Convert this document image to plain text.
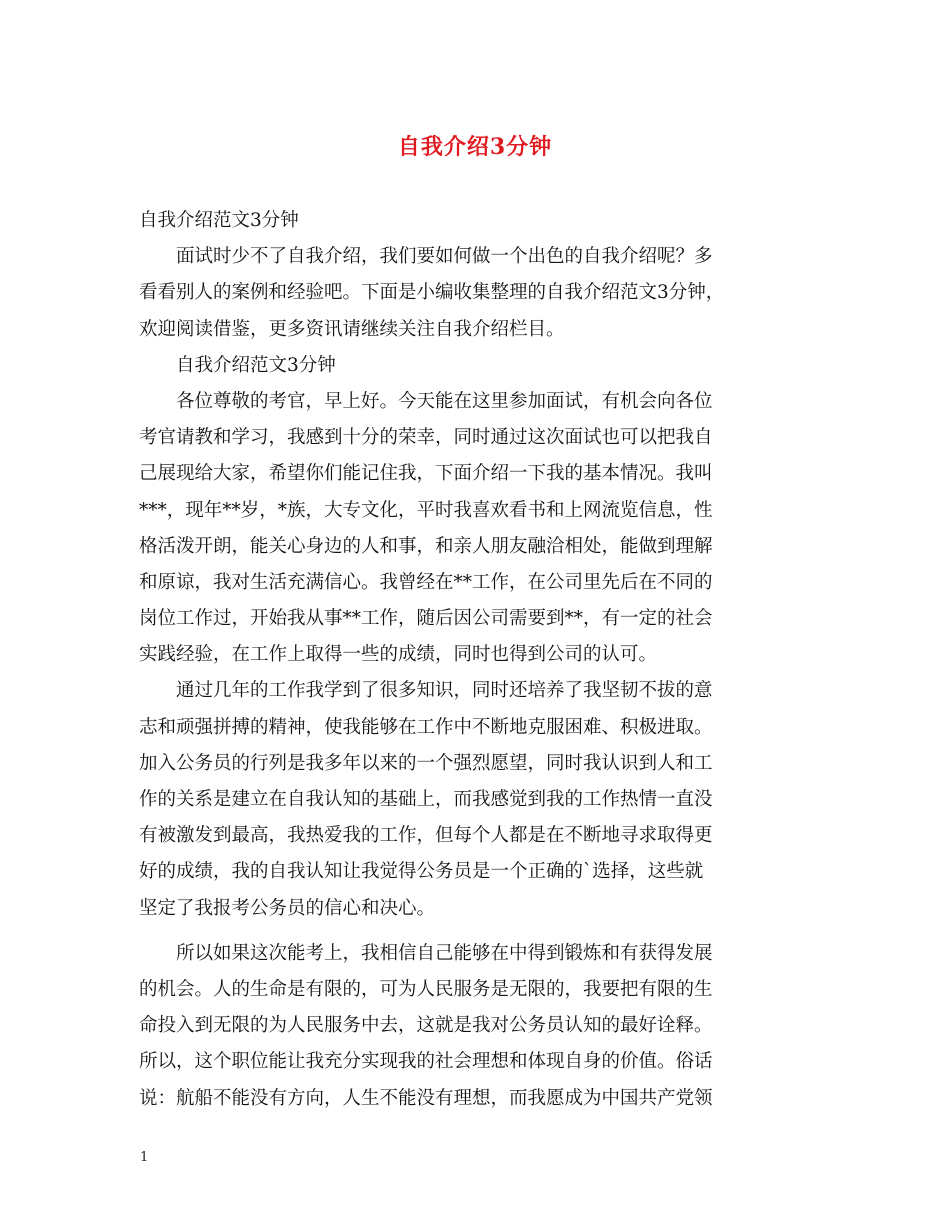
自我介绍3分钟
自我介绍范文3分钟
　　面试时少不了自我介绍，我们要如何做一个出色的自我介绍呢？多
看看别人的案例和经验吧。下面是小编收集整理的自我介绍范文3分钟，
欢迎阅读借鉴，更多资讯请继续关注自我介绍栏目。
　　自我介绍范文3分钟
　　各位尊敬的考官，早上好。今天能在这里参加面试，有机会向各位
考官请教和学习，我感到十分的荣幸，同时通过这次面试也可以把我自
己展现给大家，希望你们能记住我，下面介绍一下我的基本情况。我叫
***，现年**岁，*族，大专文化，平时我喜欢看书和上网流览信息，性
格活泼开朗，能关心身边的人和事，和亲人朋友融洽相处，能做到理解
和原谅，我对生活充满信心。我曾经在**工作，在公司里先后在不同的
岗位工作过，开始我从事**工作，随后因公司需要到**，有一定的社会
实践经验，在工作上取得一些的成绩，同时也得到公司的认可。
　　通过几年的工作我学到了很多知识，同时还培养了我坚韧不拔的意
志和顽强拼搏的精神，使我能够在工作中不断地克服困难、积极进取。
加入公务员的行列是我多年以来的一个强烈愿望，同时我认识到人和工
作的关系是建立在自我认知的基础上，而我感觉到我的工作热情一直没
有被激发到最高，我热爱我的工作，但每个人都是在不断地寻求取得更
好的成绩，我的自我认知让我觉得公务员是一个正确的`选择，这些就
坚定了我报考公务员的信心和决心。
　　所以如果这次能考上，我相信自己能够在中得到锻炼和有获得发展
的机会。人的生命是有限的，可为人民服务是无限的，我要把有限的生
命投入到无限的为人民服务中去，这就是我对公务员认知的最好诠释。
所以，这个职位能让我充分实现我的社会理想和体现自身的价值。俗话
说：航船不能没有方向，人生不能没有理想，而我愿成为中国共产党领
1
